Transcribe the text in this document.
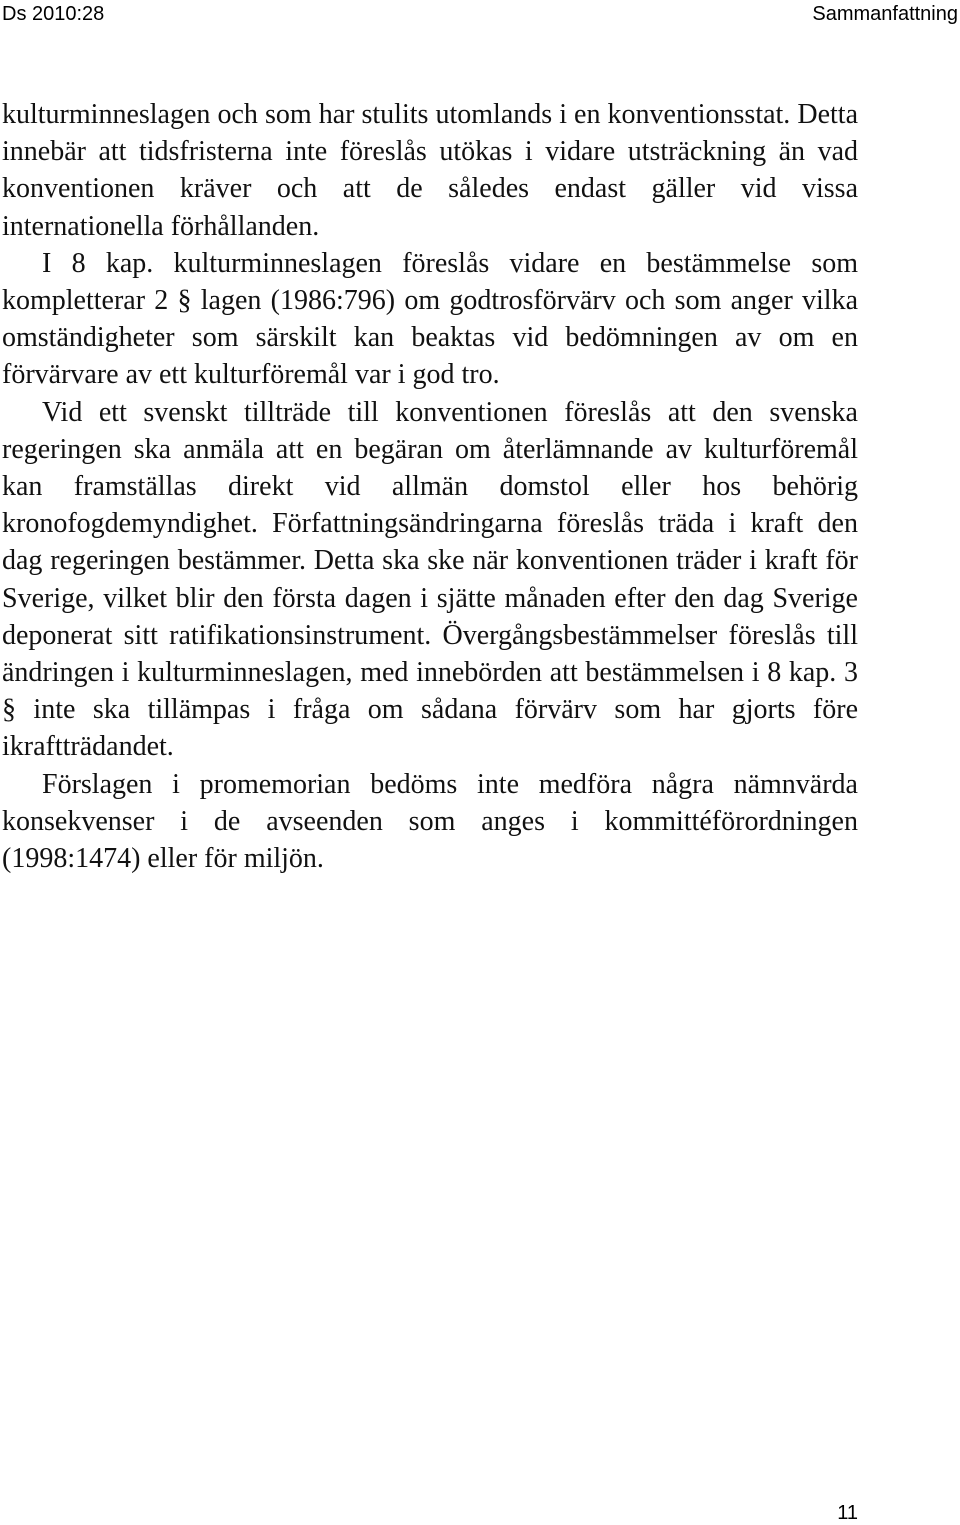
Ds 2010:28	Sammanfattning

kulturminneslagen och som har stulits utomlands i en konventionsstat. Detta innebär att tidsfristerna inte föreslås utökas i vidare utsträckning än vad konventionen kräver och att de således endast gäller vid vissa internationella förhållanden.

I 8 kap. kulturminneslagen föreslås vidare en bestämmelse som kompletterar 2 § lagen (1986:796) om godtrosförvärv och som anger vilka omständigheter som särskilt kan beaktas vid bedömningen av om en förvärvare av ett kulturföremål var i god tro.

Vid ett svenskt tillträde till konventionen föreslås att den svenska regeringen ska anmäla att en begäran om återlämnande av kulturföremål kan framställas direkt vid allmän domstol eller hos behörig kronofogdemyndighet. Författningsändringarna föreslås träda i kraft den dag regeringen bestämmer. Detta ska ske när konventionen träder i kraft för Sverige, vilket blir den första dagen i sjätte månaden efter den dag Sverige deponerat sitt ratifikationsinstrument. Övergångsbestämmelser föreslås till ändringen i kulturminneslagen, med innebörden att bestämmelsen i 8 kap. 3 § inte ska tillämpas i fråga om sådana förvärv som har gjorts före ikraftträdandet.

Förslagen i promemorian bedöms inte medföra några nämnvärda konsekvenser i de avseenden som anges i kommittéförordningen (1998:1474) eller för miljön.

11
